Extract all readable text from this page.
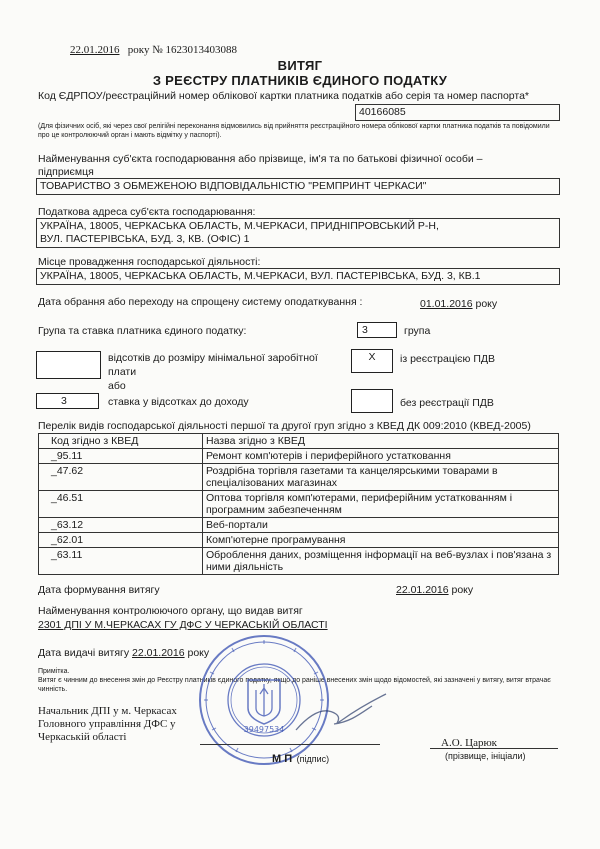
22.01.2016 року № 1623013403088
ВИТЯГ
З РЕЄСТРУ ПЛАТНИКІВ ЄДИНОГО ПОДАТКУ
Код ЄДРПОУ/реєстраційний номер облікової картки платника податків або серія та номер паспорта*
40166085
(Для фізичних осіб, які через свої релігійні переконання відмовились від прийняття реєстраційного номера облікової картки платника податків та повідомили про це контролюючий орган і мають відмітку у паспорті).
Найменування суб'єкта господарювання або прізвище, ім'я та по батькові фізичної особи –
підприємця
ТОВАРИСТВО З ОБМЕЖЕНОЮ ВІДПОВІДАЛЬНІСТЮ "РЕМПРИНТ ЧЕРКАСИ"
Податкова адреса суб'єкта господарювання:
УКРАЇНА, 18005, ЧЕРКАСЬКА ОБЛАСТЬ, М.ЧЕРКАСИ, ПРИДНІПРОВСЬКИЙ Р-Н,
ВУЛ. ПАСТЕРІВСЬКА, БУД. 3, КВ. (ОФІС) 1
Місце провадження господарської діяльності:
УКРАЇНА, 18005, ЧЕРКАСЬКА ОБЛАСТЬ, М.ЧЕРКАСИ, ВУЛ. ПАСТЕРІВСЬКА, БУД. 3, КВ.1
Дата обрання або переходу на спрощену систему оподаткування :	01.01.2016 року
Група та ставка платника єдиного податку:	3	група
відсотків до розміру мінімальної заробітної
плати
або
3	ставка у відсотках до доходу
X	із реєстрацією ПДВ
без реєстрації ПДВ
Перелік видів господарської діяльності першої та другої груп згідно з КВЕД ДК 009:2010 (КВЕД-2005)
Код згідно з КВЕД	Назва згідно з КВЕД
_95.11	Ремонт комп'ютерів і периферійного устатковання
_47.62	Роздрібна торгівля газетами та канцелярськими товарами в спеціалізованих магазинах
_46.51	Оптова торгівля комп'ютерами, периферійним устаткованням і програмним забезпеченням
_63.12	Веб-портали
_62.01	Комп'ютерне програмування
_63.11	Оброблення даних, розміщення інформації на веб-вузлах і пов'язана з ними діяльність
Дата формування витягу	22.01.2016 року
Найменування контролюючого органу, що видав витяг
2301 ДПІ У М.ЧЕРКАСАХ ГУ ДФС У ЧЕРКАСЬКІЙ ОБЛАСТІ
Дата видачі витягу 22.01.2016 року
Примітка.
Витяг є чинним до внесення змін до Реєстру платників єдиного податку, якщо до раніше внесених змін щодо відомостей, які зазначені у витягу, витяг втрачає чинність.
Начальник ДПІ у м. Черкасах
Головного управління ДФС у
Черкаській області
39497534
М П (підпис)
А.О. Царюк
(прізвище, ініціали)
